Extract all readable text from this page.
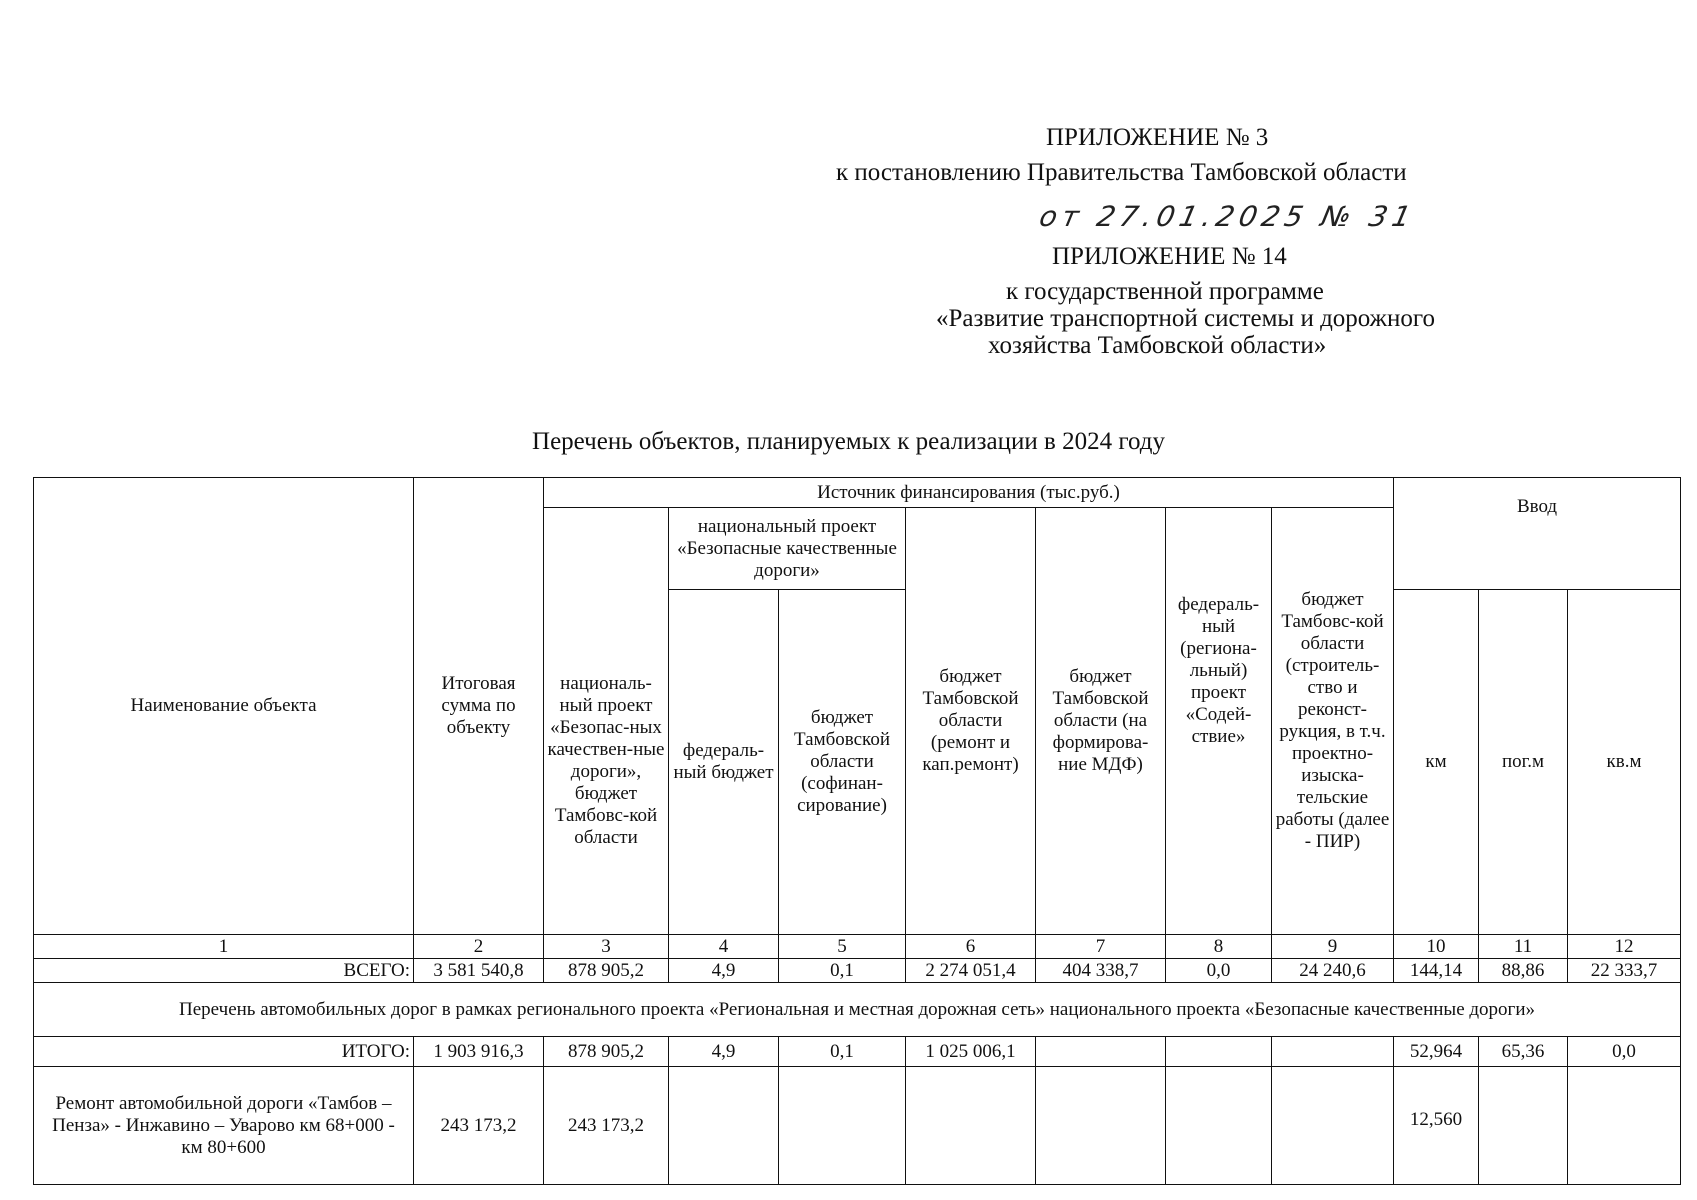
ПРИЛОЖЕНИЕ № 3
к постановлению Правительства Тамбовской области
от 27.01.2025 № 31
ПРИЛОЖЕНИЕ № 14
к государственной программе
«Развитие транспортной системы и дорожного
хозяйства Тамбовской области»
Перечень объектов, планируемых к реализации в 2024 году
Наименование объекта	Итоговая сумма по объекту	Источник финансирования (тыс.руб.)							Ввод		
		националь-ный проект «Безопас-ных качествен-ные дороги», бюджет Тамбовс-кой области	национальный проект «Безопасные качественные дороги»		бюджет Тамбовской области (ремонт и кап.ремонт)	бюджет Тамбовской области (на формирова-ние МДФ)	федераль-ный (регионa-льный) проект «Содей-ствие»	бюджет Тамбовс-кой области (строитель-ство и реконст-рукция, в т.ч. проектно-изыска-тельские работы (далее - ПИР)			
			федераль-ный бюджет	бюджет Тамбовской области (софинан-сирование)					км	пог.м	кв.м
1	2	3	4	5	6	7	8	9	10	11	12
ВСЕГО:	3 581 540,8	878 905,2	4,9	0,1	2 274 051,4	404 338,7	0,0	24 240,6	144,14	88,86	22 333,7
Перечень автомобильных дорог в рамках регионального проекта «Региональная и местная дорожная сеть» национального проекта «Безопасные качественные дороги»											
ИТОГО:	1 903 916,3	878 905,2	4,9	0,1	1 025 006,1				52,964	65,36	0,0
Ремонт автомобильной дороги «Тамбов – Пенза» - Инжавино – Уварово км 68+000 - км 80+600	243 173,2	243 173,2							12,560		
